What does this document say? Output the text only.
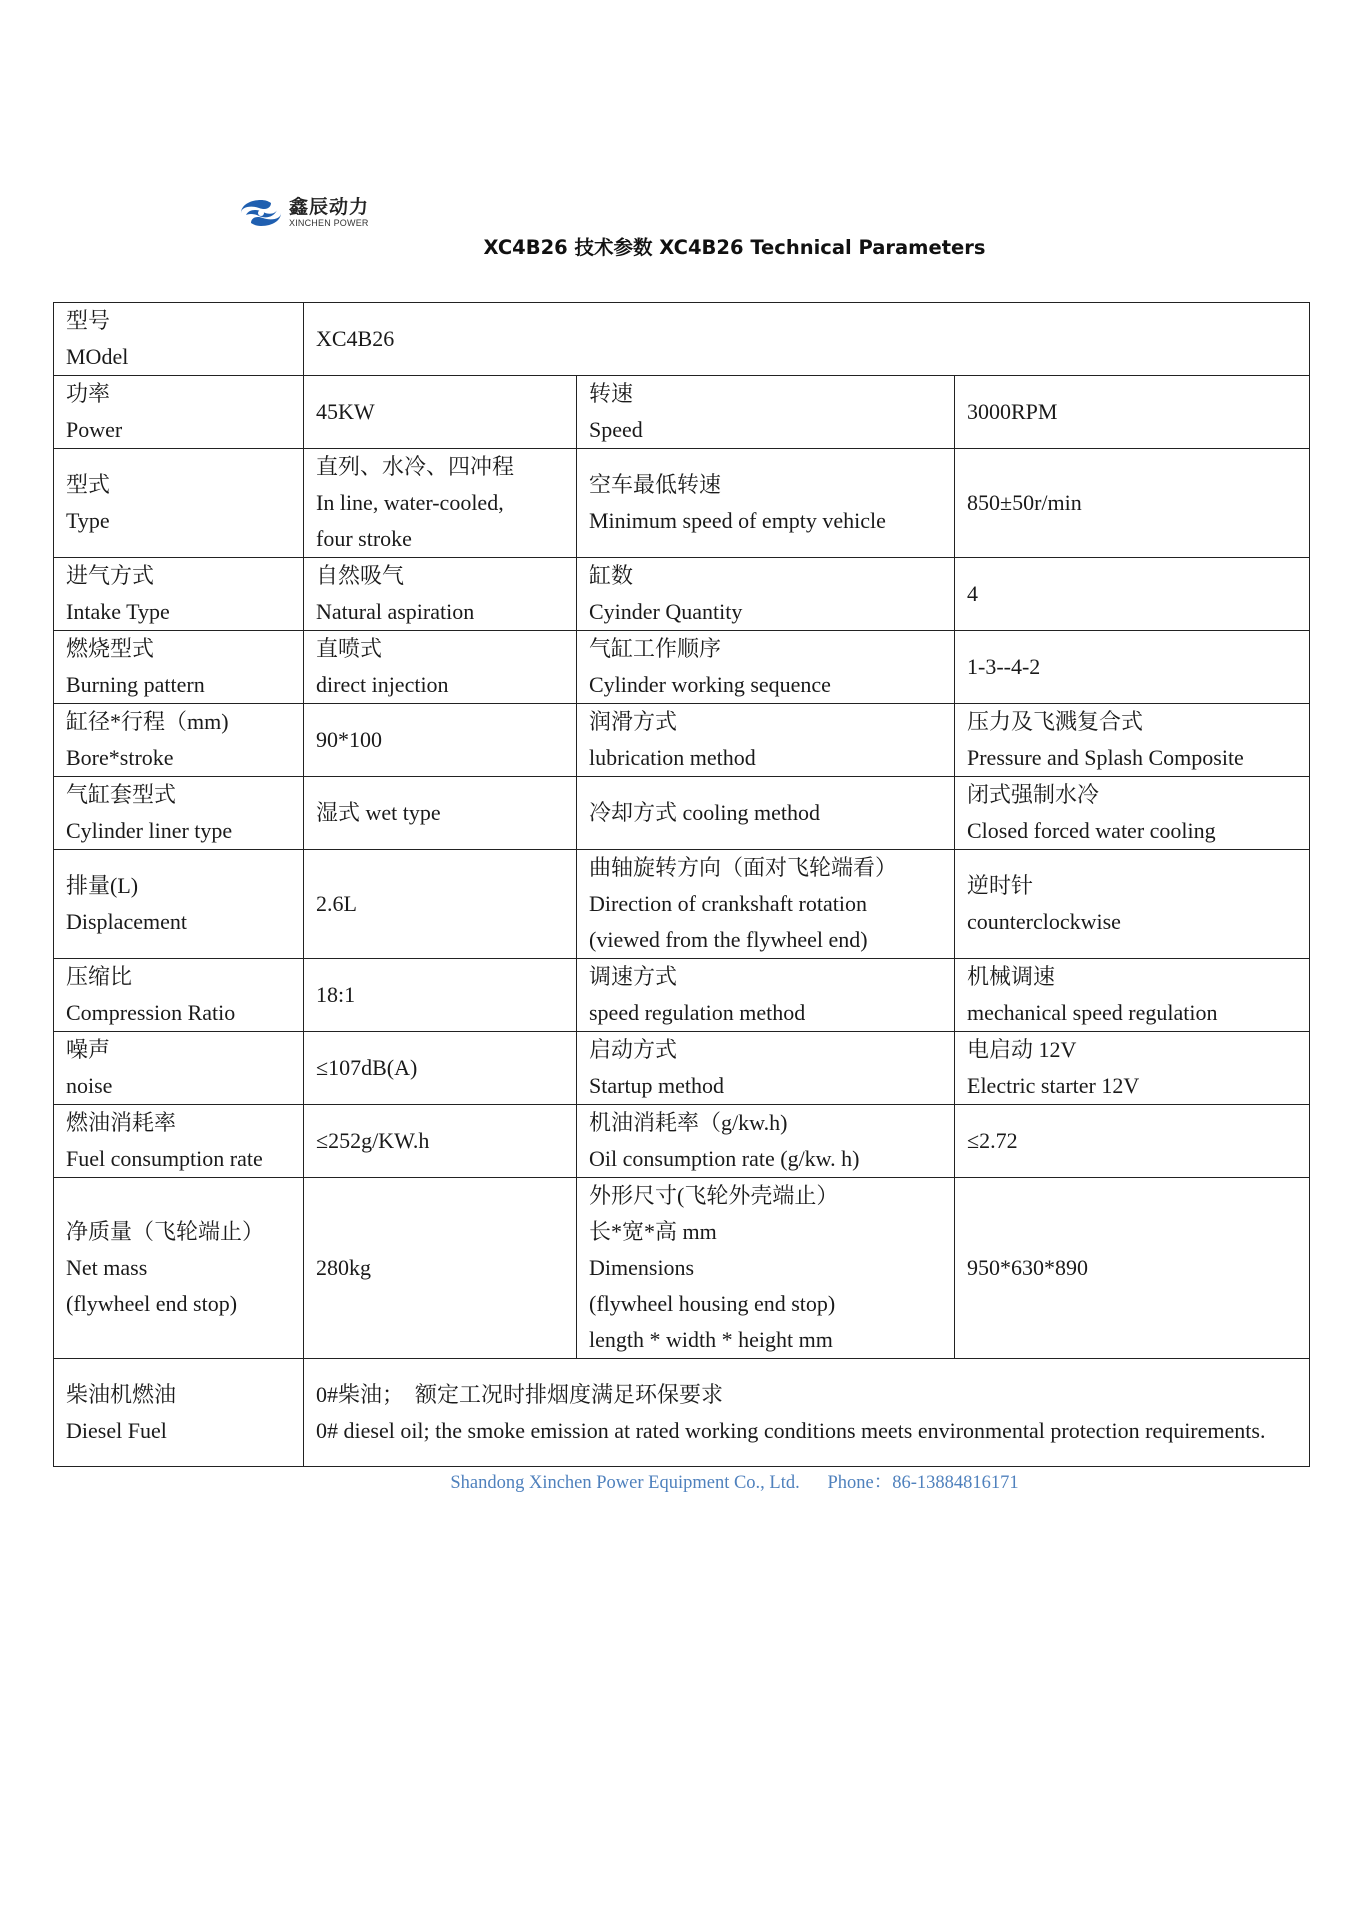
鑫辰动力
XINCHEN POWER
XC4B26 技术参数 XC4B26 Technical Parameters
型号
MOdel	XC4B26		

功率
Power	45KW	转速
Speed	3000RPM

型式
Type	直列、水冷、四冲程
In line, water-cooled,
four stroke	空车最低转速
Minimum speed of empty vehicle	850±50r/min

进气方式
Intake Type	自然吸气
Natural aspiration	缸数
Cyinder Quantity	4

燃烧型式
Burning pattern	直喷式
direct injection	气缸工作顺序
Cylinder working sequence	1-3--4-2

缸径*行程（mm)
Bore*stroke	90*100	润滑方式
lubrication method	压力及飞溅复合式
Pressure and Splash Composite

气缸套型式
Cylinder liner type	湿式 wet type	冷却方式 cooling method	闭式强制水冷
Closed forced water cooling

排量(L)
Displacement	2.6L	曲轴旋转方向（面对飞轮端看）
Direction of crankshaft rotation
(viewed from the flywheel end)	逆时针
counterclockwise

压缩比
Compression Ratio	18:1	调速方式
speed regulation method	机械调速
mechanical speed regulation

噪声
noise	≤107dB(A)	启动方式
Startup method	电启动 12V
Electric starter 12V

燃油消耗率
Fuel consumption rate	≤252g/KW.h	机油消耗率（g/kw.h)
Oil consumption rate (g/kw. h)	≤2.72

净质量（飞轮端止）
Net mass
(flywheel end stop)	280kg	外形尺寸(飞轮外壳端止）
长*宽*高 mm
Dimensions
(flywheel housing end stop)
length * width * height mm	950*630*890

柴油机燃油
Diesel Fuel	0#柴油；  额定工况时排烟度满足环保要求
0# diesel oil; the smoke emission at rated working conditions meets environmental protection requirements.		
Shandong Xinchen Power Equipment Co., Ltd. Phone：86-13884816171
